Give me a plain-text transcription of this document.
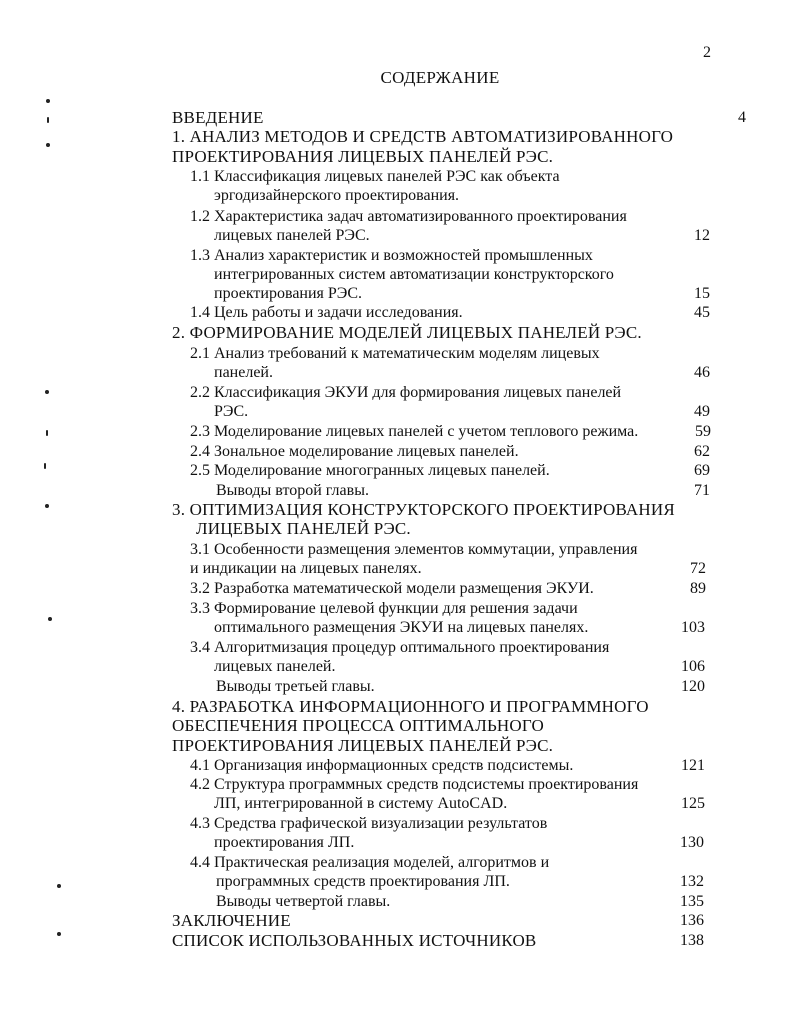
2
СОДЕРЖАНИЕ
ВВЕДЕНИЕ	4
1. АНАЛИЗ МЕТОДОВ И СРЕДСТВ АВТОМАТИЗИРОВАННОГО
ПРОЕКТИРОВАНИЯ ЛИЦЕВЫХ ПАНЕЛЕЙ РЭС.
1.1 Классификация лицевых панелей РЭС как объекта
эргодизайнерского проектирования.
1.2 Характеристика задач автоматизированного проектирования
лицевых панелей РЭС.	12
1.3 Анализ характеристик и возможностей промышленных
интегрированных систем автоматизации конструкторского
проектирования РЭС.	15
1.4 Цель работы и задачи исследования.	45
2. ФОРМИРОВАНИЕ МОДЕЛЕЙ ЛИЦЕВЫХ ПАНЕЛЕЙ РЭС.
2.1 Анализ требований к математическим моделям лицевых
панелей.	46
2.2 Классификация ЭКУИ для формирования лицевых панелей
РЭС.	49
2.3 Моделирование лицевых панелей с учетом теплового режима.	59
2.4 Зональное моделирование лицевых панелей.	62
2.5 Моделирование многогранных лицевых панелей.	69
Выводы второй главы.	71
3. ОПТИМИЗАЦИЯ КОНСТРУКТОРСКОГО ПРОЕКТИРОВАНИЯ
ЛИЦЕВЫХ ПАНЕЛЕЙ РЭС.
3.1 Особенности размещения элементов коммутации, управления
и индикации на лицевых панелях.	72
3.2 Разработка математической модели размещения ЭКУИ.	89
3.3 Формирование целевой функции для решения задачи
оптимального размещения ЭКУИ на лицевых панелях.	103
3.4 Алгоритмизация процедур оптимального проектирования
лицевых панелей.	106
Выводы третьей главы.	120
4. РАЗРАБОТКА ИНФОРМАЦИОННОГО И ПРОГРАММНОГО
ОБЕСПЕЧЕНИЯ ПРОЦЕССА ОПТИМАЛЬНОГО
ПРОЕКТИРОВАНИЯ ЛИЦЕВЫХ ПАНЕЛЕЙ РЭС.
4.1 Организация информационных средств подсистемы.	121
4.2 Структура программных средств подсистемы проектирования
ЛП, интегрированной в систему AutoCAD.	125
4.3 Средства графической визуализации результатов
проектирования ЛП.	130
4.4 Практическая реализация моделей, алгоритмов и
программных средств проектирования ЛП.	132
Выводы четвертой главы.	135
ЗАКЛЮЧЕНИЕ	136
СПИСОК ИСПОЛЬЗОВАННЫХ ИСТОЧНИКОВ	138
